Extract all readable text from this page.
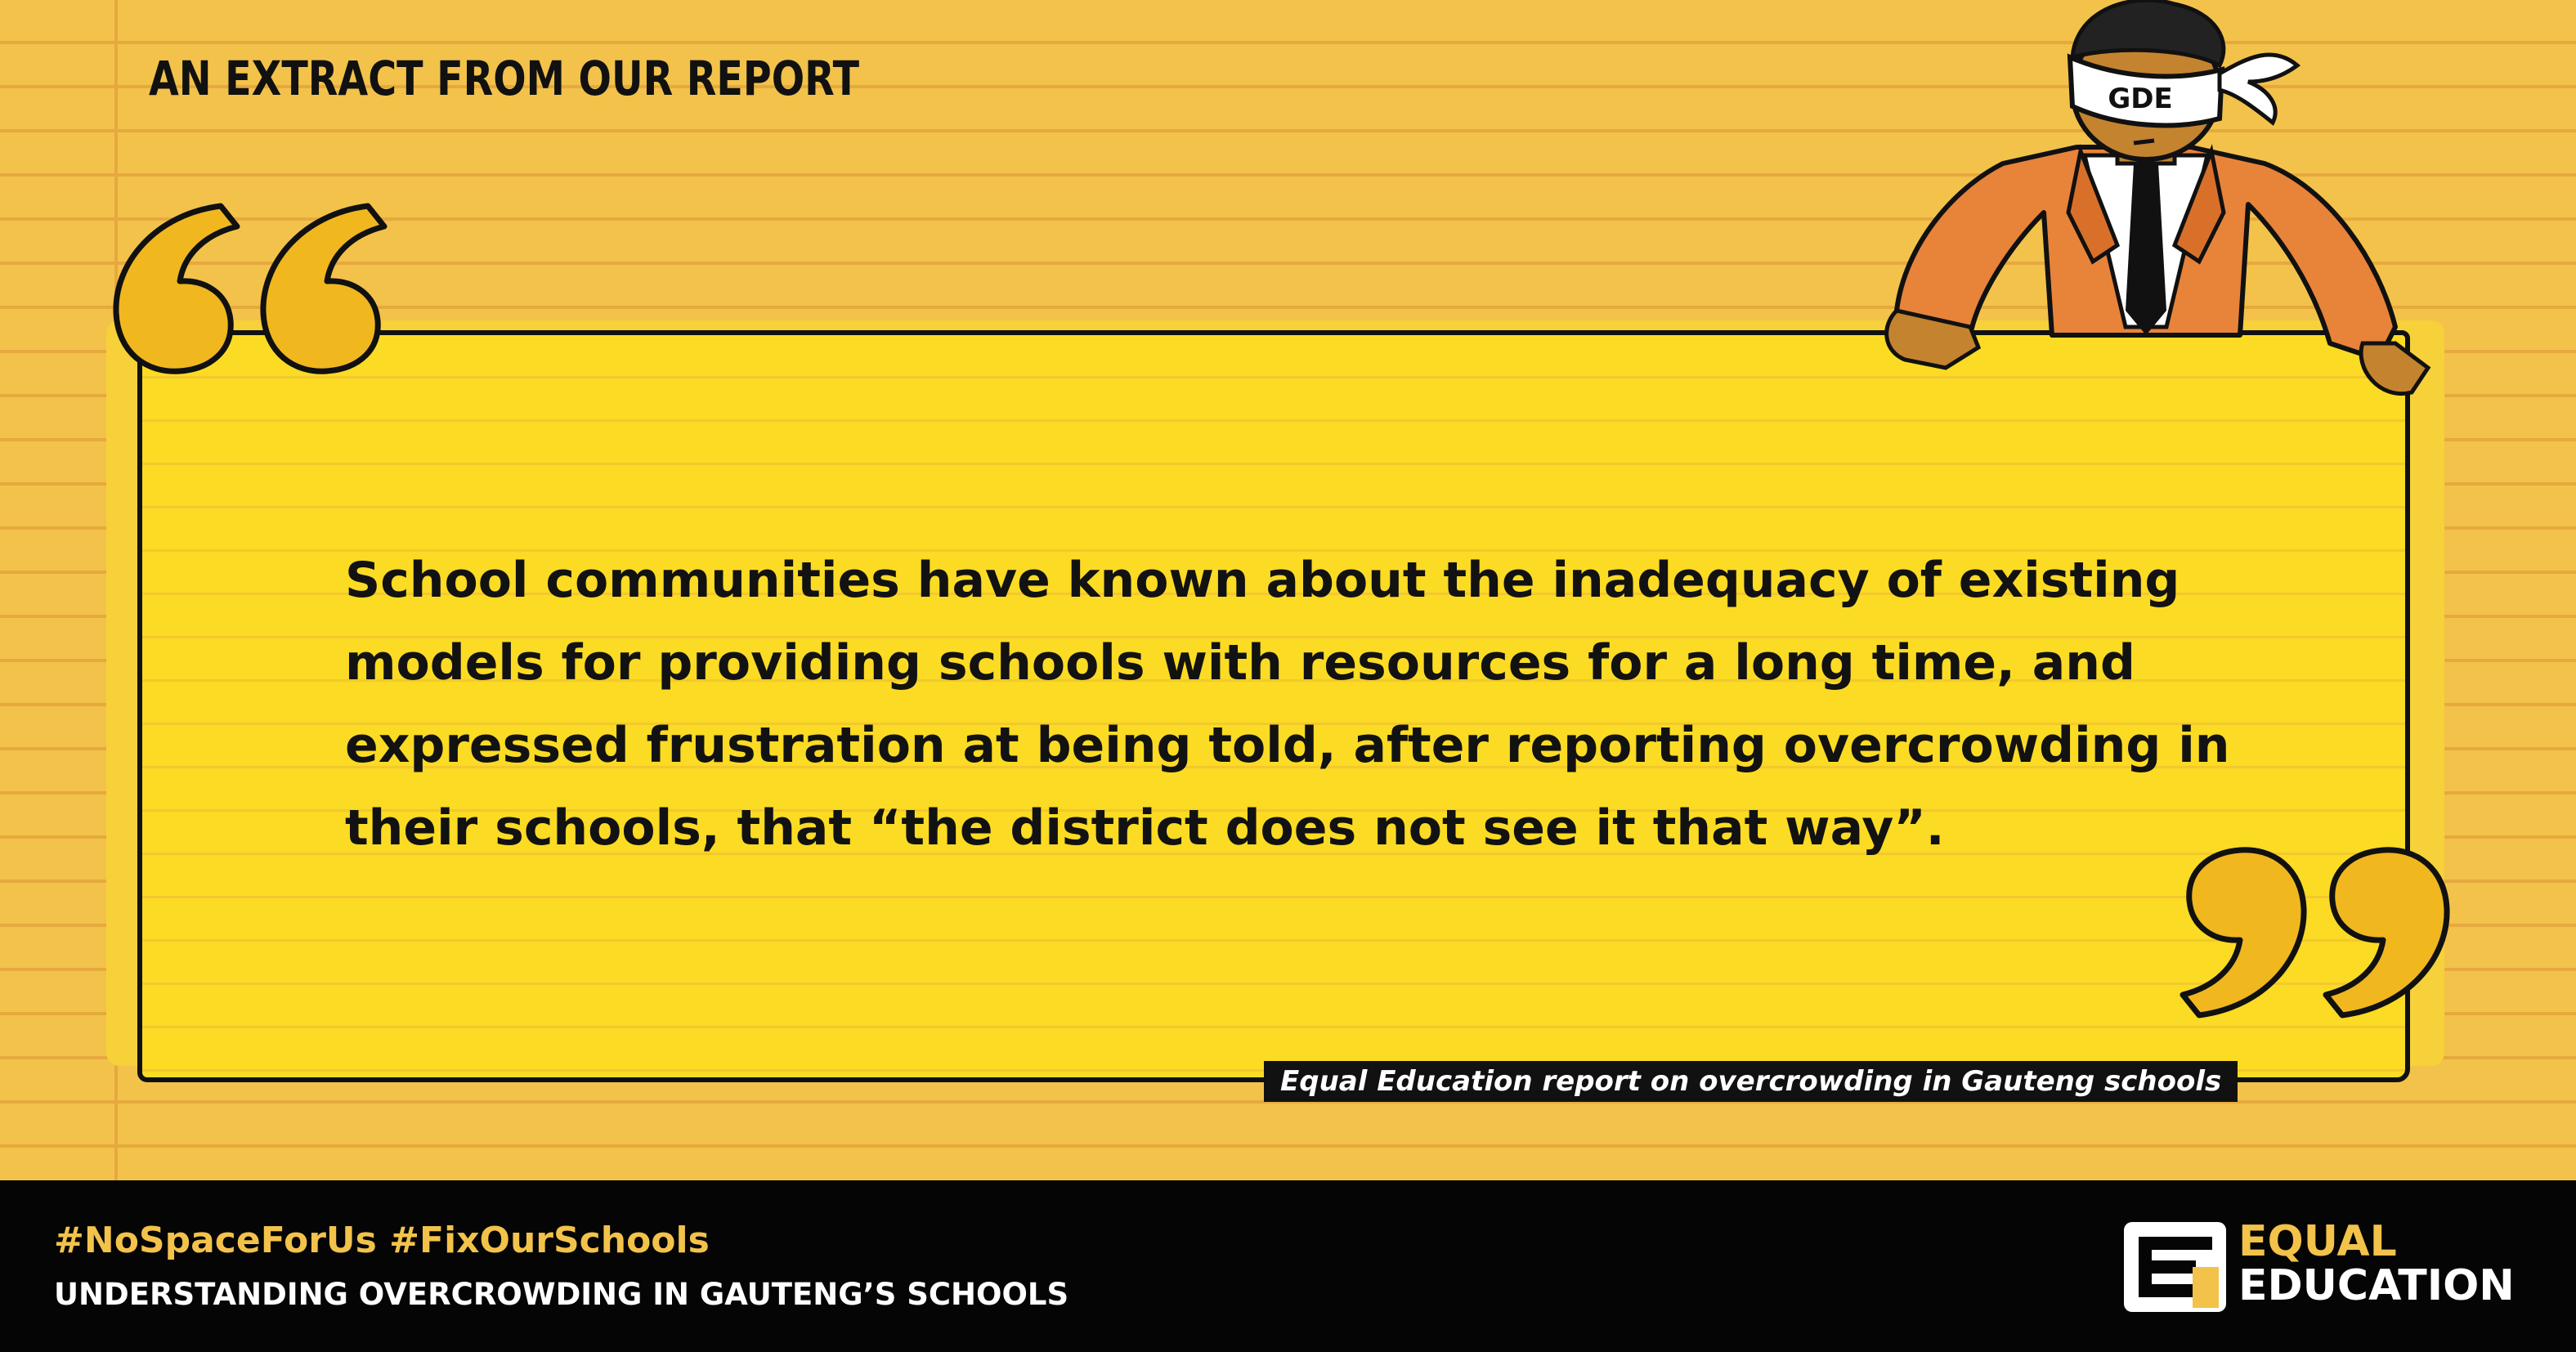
AN EXTRACT FROM OUR REPORT

School communities have known about the inadequacy of existing
models for providing schools with resources for a long time, and
expressed frustration at being told, after reporting overcrowding in
their schools, that “the district does not see it that way”.

Equal Education report on overcrowding in Gauteng schools
GDE

#NoSpaceForUs #FixOurSchools

UNDERSTANDING OVERCROWDING IN GAUTENG’S SCHOOLS

EQUAL

EDUCATION
